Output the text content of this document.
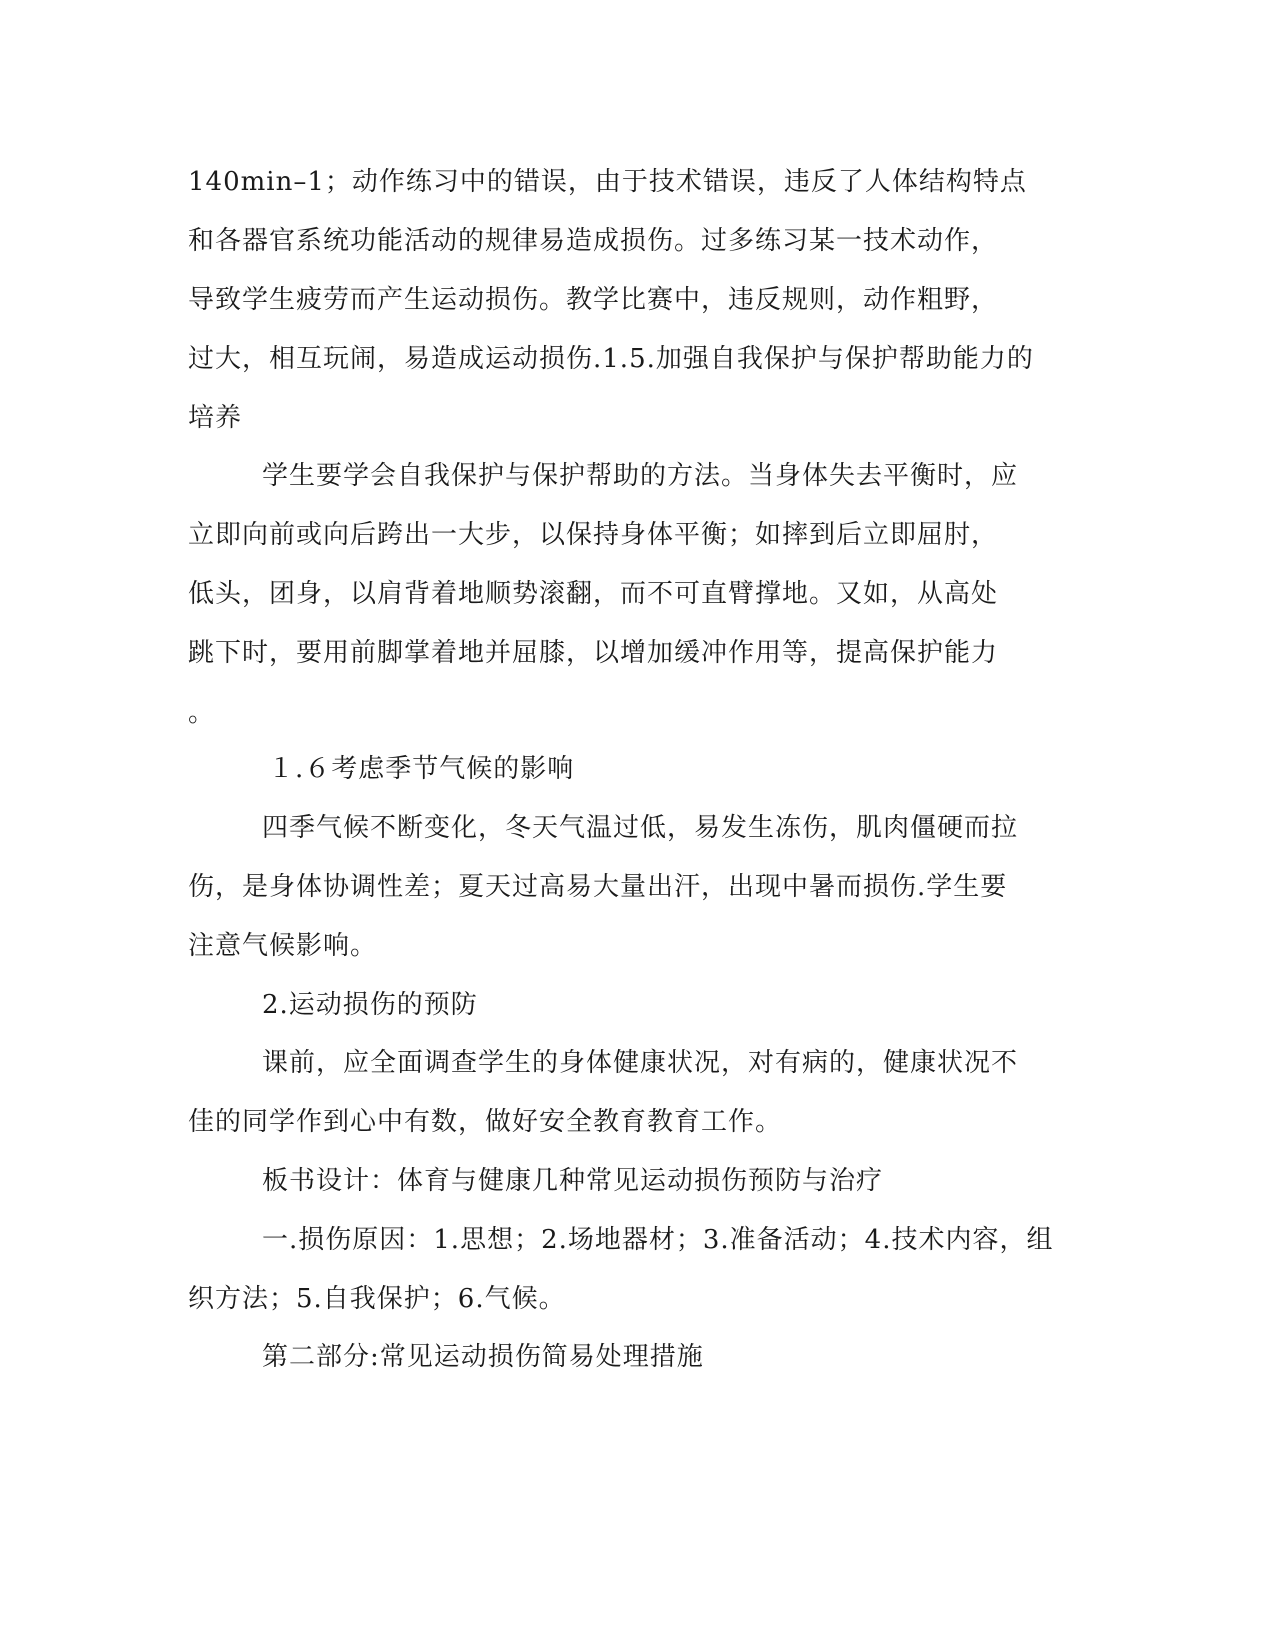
140min–1；动作练习中的错误，由于技术错误，违反了人体结构特点
和各器官系统功能活动的规律易造成损伤。过多练习某一技术动作，
导致学生疲劳而产生运动损伤。教学比赛中，违反规则，动作粗野，
过大，相互玩闹，易造成运动损伤.1.5.加强自我保护与保护帮助能力的
培养
学生要学会自我保护与保护帮助的方法。当身体失去平衡时，应
立即向前或向后跨出一大步，以保持身体平衡；如摔到后立即屈肘，
低头，团身，以肩背着地顺势滚翻，而不可直臂撑地。又如，从高处
跳下时，要用前脚掌着地并屈膝，以增加缓冲作用等，提高保护能力
。
１.６考虑季节气候的影响
四季气候不断变化，冬天气温过低，易发生冻伤，肌肉僵硬而拉
伤，是身体协调性差；夏天过高易大量出汗，出现中暑而损伤.学生要
注意气候影响。
2.运动损伤的预防
课前，应全面调查学生的身体健康状况，对有病的，健康状况不
佳的同学作到心中有数，做好安全教育教育工作。
板书设计：体育与健康几种常见运动损伤预防与治疗
一.损伤原因：1.思想；2.场地器材；3.准备活动；4.技术内容，组
织方法；5.自我保护；6.气候。
第二部分:常见运动损伤简易处理措施
